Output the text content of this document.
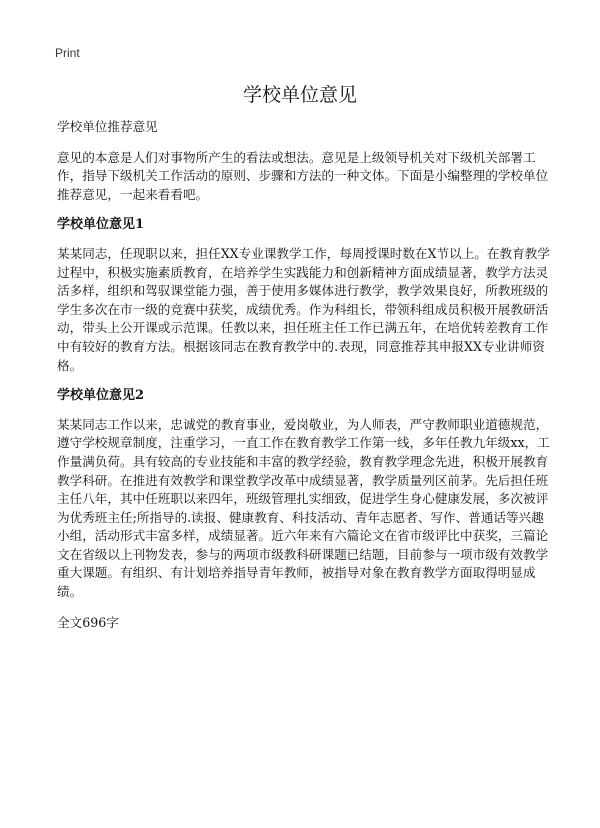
Print
学校单位意见

学校单位推荐意见

意见的本意是人们对事物所产生的看法或想法。意见是上级领导机关对下级机关部署工作，指导下级机关工作活动的原则、步骤和方法的一种文体。下面是小编整理的学校单位推荐意见，一起来看看吧。

学校单位意见1

某某同志，任现职以来，担任XX专业课教学工作，每周授课时数在X节以上。在教育教学过程中，积极实施素质教育，在培养学生实践能力和创新精神方面成绩显著，教学方法灵活多样，组织和驾驭课堂能力强，善于使用多媒体进行教学，教学效果良好，所教班级的学生多次在市一级的竞赛中获奖，成绩优秀。作为科组长，带领科组成员积极开展教研活动，带头上公开课或示范课。任教以来，担任班主任工作已满五年，在培优转差教育工作中有较好的教育方法。根据该同志在教育教学中的.表现，同意推荐其申报XX专业讲师资格。

学校单位意见2

某某同志工作以来，忠诚党的教育事业，爱岗敬业，为人师表，严守教师职业道德规范，遵守学校规章制度，注重学习，一直工作在教育教学工作第一线，多年任教九年级xx，工作量满负荷。具有较高的专业技能和丰富的教学经验，教育教学理念先进，积极开展教育教学科研。在推进有效教学和课堂教学改革中成绩显著，教学质量列区前茅。先后担任班主任八年，其中任班职以来四年，班级管理扎实细致，促进学生身心健康发展，多次被评为优秀班主任;所指导的.读报、健康教育、科技活动、青年志愿者、写作、普通话等兴趣小组，活动形式丰富多样，成绩显著。近六年来有六篇论文在省市级评比中获奖，三篇论文在省级以上刊物发表，参与的两项市级教科研课题已结题，目前参与一项市级有效教学重大课题。有组织、有计划培养指导青年教师，被指导对象在教育教学方面取得明显成绩。

全文696字
